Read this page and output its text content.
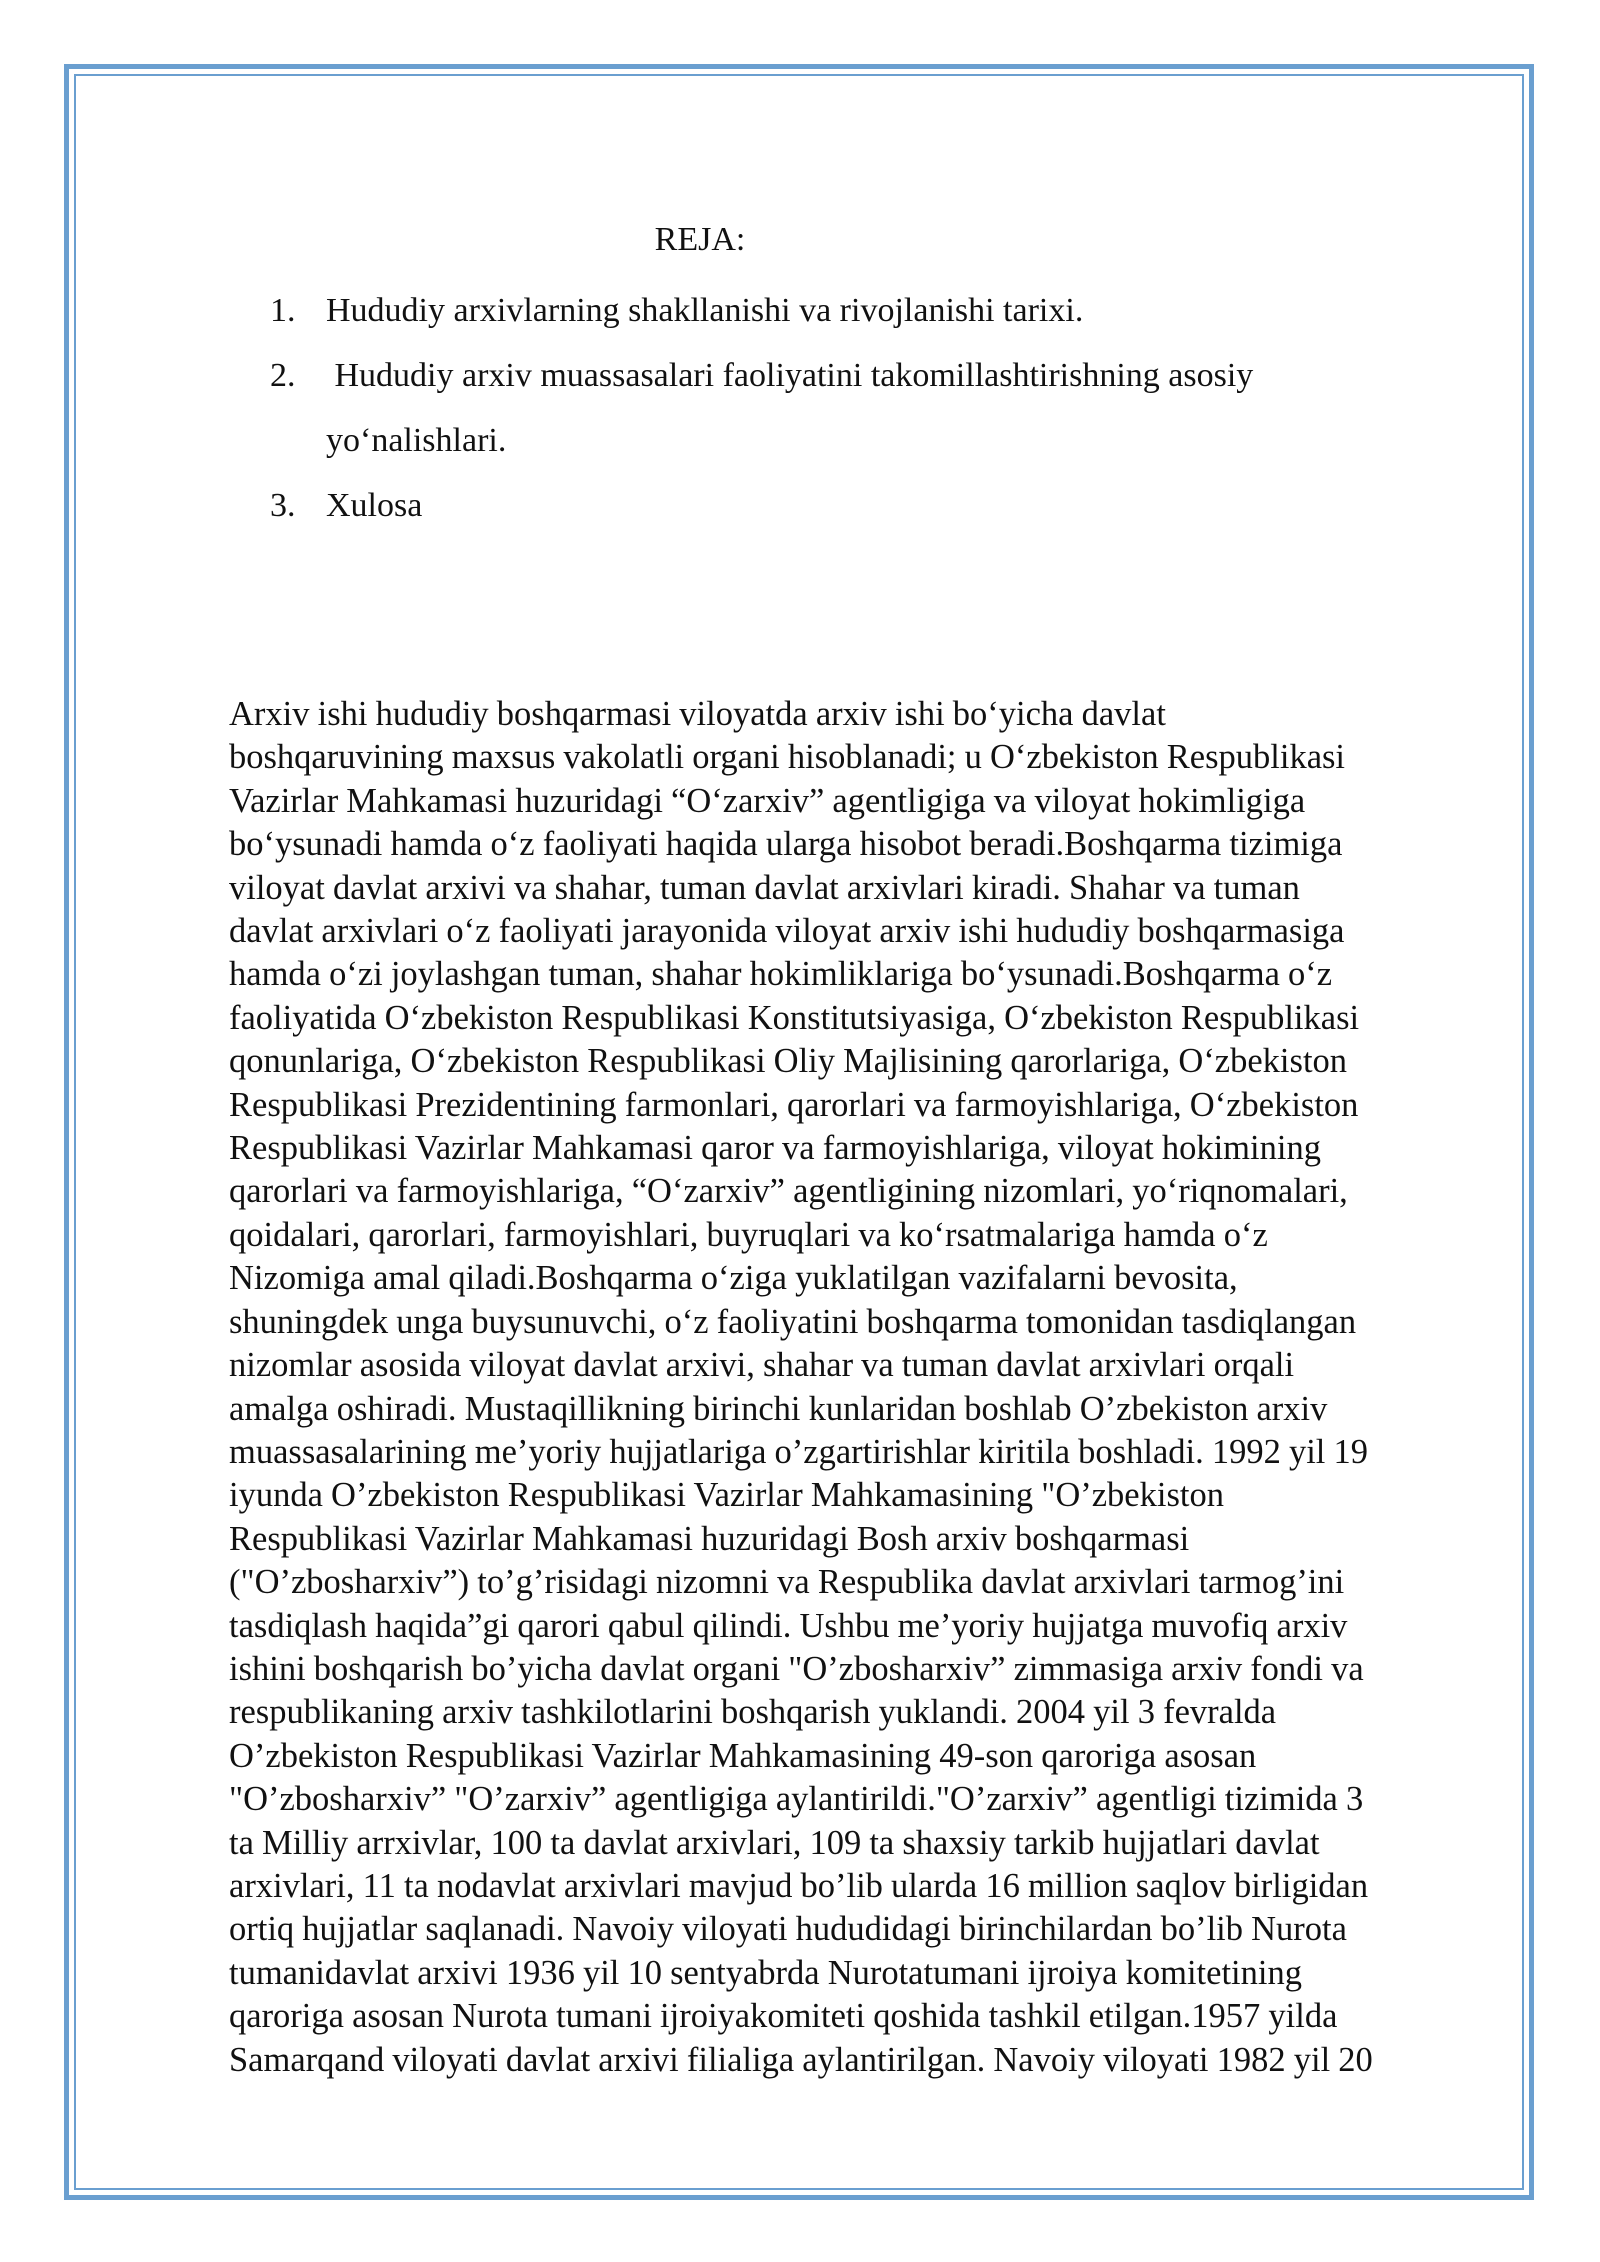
REJA:
1. Hududiy arxivlarning shakllanishi va rivojlanishi tarixi.
2. Hududiy arxiv muassasalari faoliyatini takomillashtirishning asosiy yo‘nalishlari.
3. Xulosa

Arxiv ishi hududiy boshqarmasi viloyatda arxiv ishi bo‘yicha davlat
boshqaruvining maxsus vakolatli organi hisoblanadi; u O‘zbekiston Respublikasi
Vazirlar Mahkamasi huzuridagi “O‘zarxiv” agentligiga va viloyat hokimligiga
bo‘ysunadi hamda o‘z faoliyati haqida ularga hisobot beradi.Boshqarma tizimiga
viloyat davlat arxivi va shahar, tuman davlat arxivlari kiradi. Shahar va tuman
davlat arxivlari o‘z faoliyati jarayonida viloyat arxiv ishi hududiy boshqarmasiga
hamda o‘zi joylashgan tuman, shahar hokimliklariga bo‘ysunadi.Boshqarma o‘z
faoliyatida O‘zbekiston Respublikasi Konstitutsiyasiga, O‘zbekiston Respublikasi
qonunlariga, O‘zbekiston Respublikasi Oliy Majlisining qarorlariga, O‘zbekiston
Respublikasi Prezidentining farmonlari, qarorlari va farmoyishlariga, O‘zbekiston
Respublikasi Vazirlar Mahkamasi qaror va farmoyishlariga, viloyat hokimining
qarorlari va farmoyishlariga, “O‘zarxiv” agentligining nizomlari, yo‘riqnomalari,
qoidalari, qarorlari, farmoyishlari, buyruqlari va ko‘rsatmalariga hamda o‘z
Nizomiga amal qiladi.Boshqarma o‘ziga yuklatilgan vazifalarni bevosita,
shuningdek unga buysunuvchi, o‘z faoliyatini boshqarma tomonidan tasdiqlangan
nizomlar asosida viloyat davlat arxivi, shahar va tuman davlat arxivlari orqali
amalga oshiradi. Mustaqillikning birinchi kunlaridan boshlab O’zbekiston arxiv
muassasalarining me’yoriy hujjatlariga o’zgartirishlar kiritila boshladi. 1992 yil 19
iyunda O’zbekiston Respublikasi Vazirlar Mahkamasining "O’zbekiston
Respublikasi Vazirlar Mahkamasi huzuridagi Bosh arxiv boshqarmasi
("O’zbosharxiv”) to’g’risidagi nizomni va Respublika davlat arxivlari tarmog’ini
tasdiqlash haqida”gi qarori qabul qilindi. Ushbu me’yoriy hujjatga muvofiq arxiv
ishini boshqarish bo’yicha davlat organi "O’zbosharxiv” zimmasiga arxiv fondi va
respublikaning arxiv tashkilotlarini boshqarish yuklandi. 2004 yil 3 fevralda
O’zbekiston Respublikasi Vazirlar Mahkamasining 49-son qaroriga asosan
"O’zbosharxiv” "O’zarxiv” agentligiga aylantirildi."O’zarxiv” agentligi tizimida 3
ta Milliy arrxivlar, 100 ta davlat arxivlari, 109 ta shaxsiy tarkib hujjatlari davlat
arxivlari, 11 ta nodavlat arxivlari mavjud bo’lib ularda 16 million saqlov birligidan
ortiq hujjatlar saqlanadi. Navoiy viloyati hududidagi birinchilardan bo’lib Nurota
tumanidavlat arxivi 1936 yil 10 sentyabrda Nurotatumani ijroiya komitetining
qaroriga asosan Nurota tumani ijroiyakomiteti qoshida tashkil etilgan.1957 yilda
Samarqand viloyati davlat arxivi filialiga aylantirilgan. Navoiy viloyati 1982 yil 20
